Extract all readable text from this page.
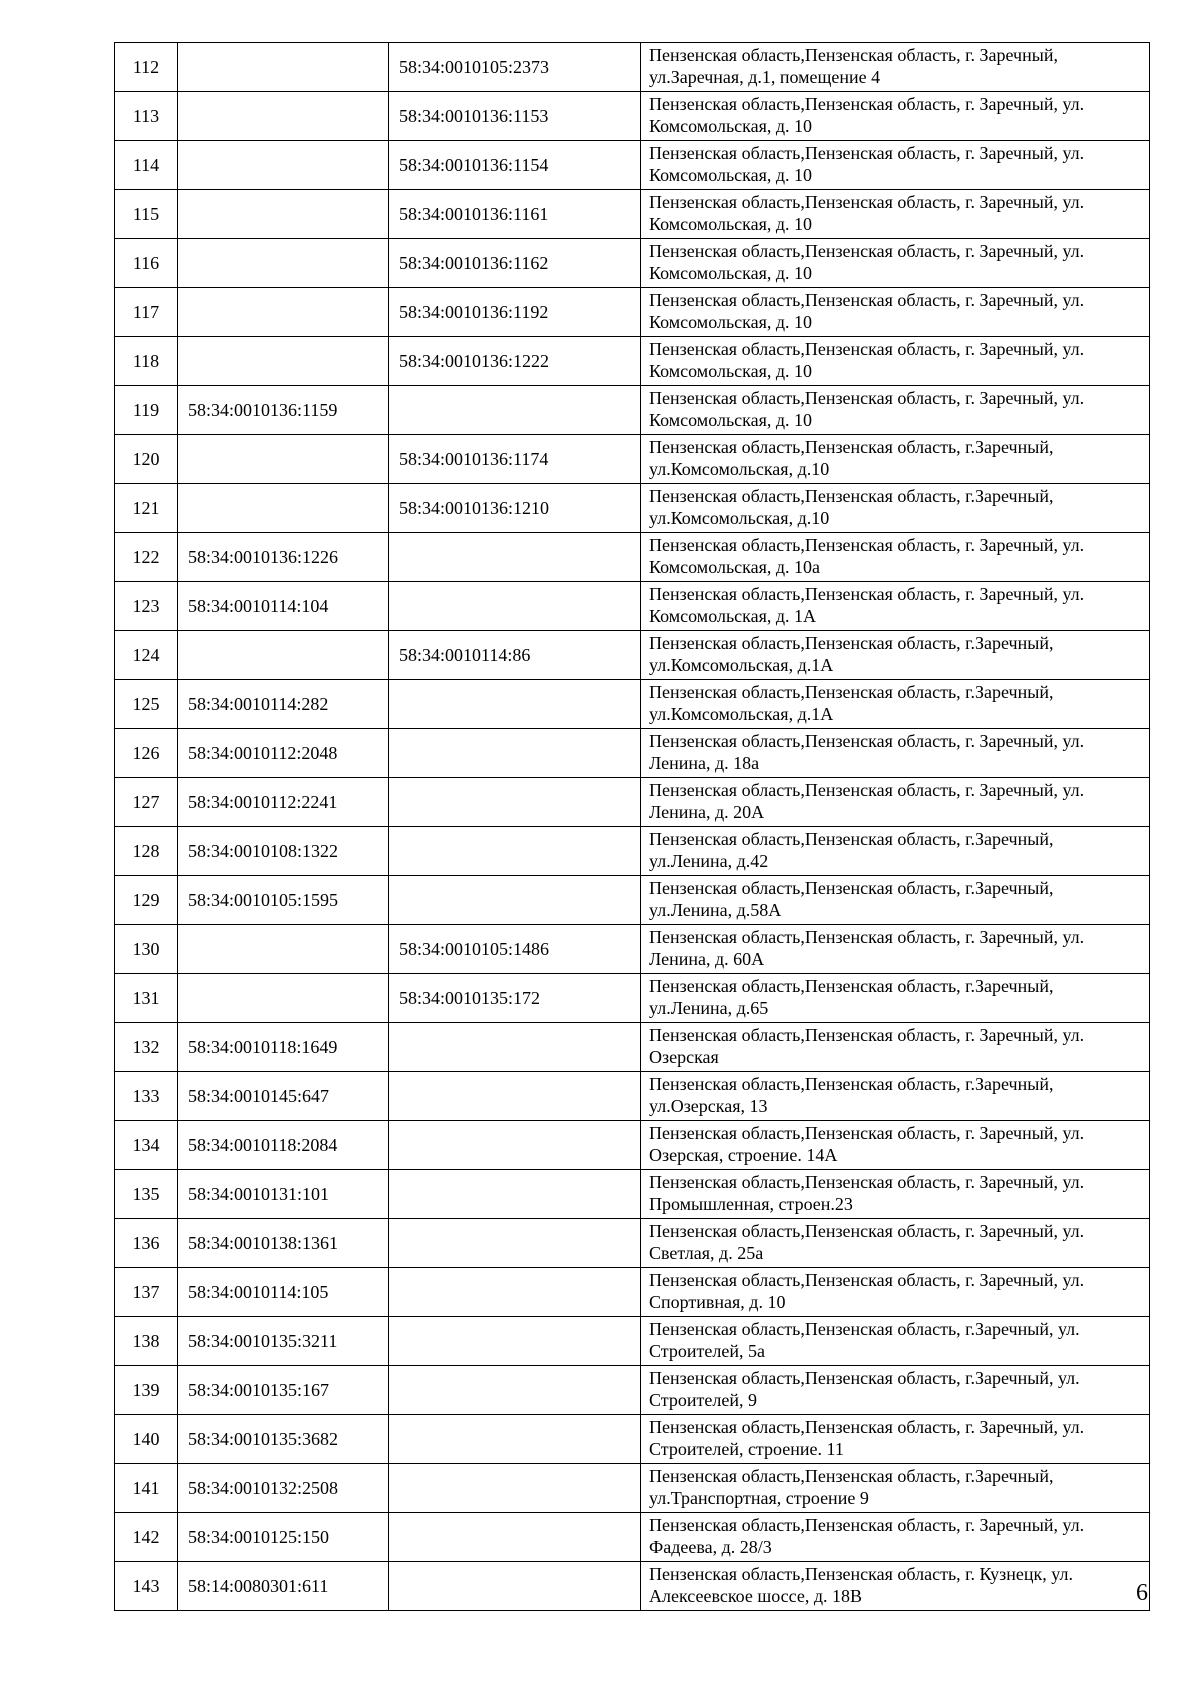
112		58:34:0010105:2373	Пензенская область,Пензенская область, г. Заречный,
ул.Заречная, д.1, помещение 4

113		58:34:0010136:1153	Пензенская область,Пензенская область, г. Заречный, ул.
Комсомольская, д. 10

114		58:34:0010136:1154	Пензенская область,Пензенская область, г. Заречный, ул.
Комсомольская, д. 10

115		58:34:0010136:1161	Пензенская область,Пензенская область, г. Заречный, ул.
Комсомольская, д. 10

116		58:34:0010136:1162	Пензенская область,Пензенская область, г. Заречный, ул.
Комсомольская, д. 10

117		58:34:0010136:1192	Пензенская область,Пензенская область, г. Заречный, ул.
Комсомольская, д. 10

118		58:34:0010136:1222	Пензенская область,Пензенская область, г. Заречный, ул.
Комсомольская, д. 10

119	58:34:0010136:1159		Пензенская область,Пензенская область, г. Заречный, ул.
Комсомольская, д. 10

120		58:34:0010136:1174	Пензенская область,Пензенская область, г.Заречный,
ул.Комсомольская, д.10

121		58:34:0010136:1210	Пензенская область,Пензенская область, г.Заречный,
ул.Комсомольская, д.10

122	58:34:0010136:1226		Пензенская область,Пензенская область, г. Заречный, ул.
Комсомольская, д. 10а

123	58:34:0010114:104		Пензенская область,Пензенская область, г. Заречный, ул.
Комсомольская, д. 1А

124		58:34:0010114:86	Пензенская область,Пензенская область, г.Заречный,
ул.Комсомольская, д.1А

125	58:34:0010114:282		Пензенская область,Пензенская область, г.Заречный,
ул.Комсомольская, д.1А

126	58:34:0010112:2048		Пензенская область,Пензенская область, г. Заречный, ул.
Ленина, д. 18а

127	58:34:0010112:2241		Пензенская область,Пензенская область, г. Заречный, ул.
Ленина, д. 20А

128	58:34:0010108:1322		Пензенская область,Пензенская область, г.Заречный,
ул.Ленина, д.42

129	58:34:0010105:1595		Пензенская область,Пензенская область, г.Заречный,
ул.Ленина, д.58А

130		58:34:0010105:1486	Пензенская область,Пензенская область, г. Заречный, ул.
Ленина, д. 60А

131		58:34:0010135:172	Пензенская область,Пензенская область, г.Заречный,
ул.Ленина, д.65

132	58:34:0010118:1649		Пензенская область,Пензенская область, г. Заречный, ул.
Озерская

133	58:34:0010145:647		Пензенская область,Пензенская область, г.Заречный,
ул.Озерская, 13

134	58:34:0010118:2084		Пензенская область,Пензенская область, г. Заречный, ул.
Озерская, строение. 14А

135	58:34:0010131:101		Пензенская область,Пензенская область, г. Заречный, ул.
Промышленная, строен.23

136	58:34:0010138:1361		Пензенская область,Пензенская область, г. Заречный, ул.
Светлая, д. 25а

137	58:34:0010114:105		Пензенская область,Пензенская область, г. Заречный, ул.
Спортивная, д. 10

138	58:34:0010135:3211		Пензенская область,Пензенская область, г.Заречный, ул.
Строителей, 5а

139	58:34:0010135:167		Пензенская область,Пензенская область, г.Заречный, ул.
Строителей, 9

140	58:34:0010135:3682		Пензенская область,Пензенская область, г. Заречный, ул.
Строителей, строение. 11

141	58:34:0010132:2508		Пензенская область,Пензенская область, г.Заречный,
ул.Транспортная, строение 9

142	58:34:0010125:150		Пензенская область,Пензенская область, г. Заречный, ул.
Фадеева, д. 28/3

143	58:14:0080301:611		Пензенская область,Пензенская область, г. Кузнецк, ул.
Алексеевское шоссе, д. 18В	6
